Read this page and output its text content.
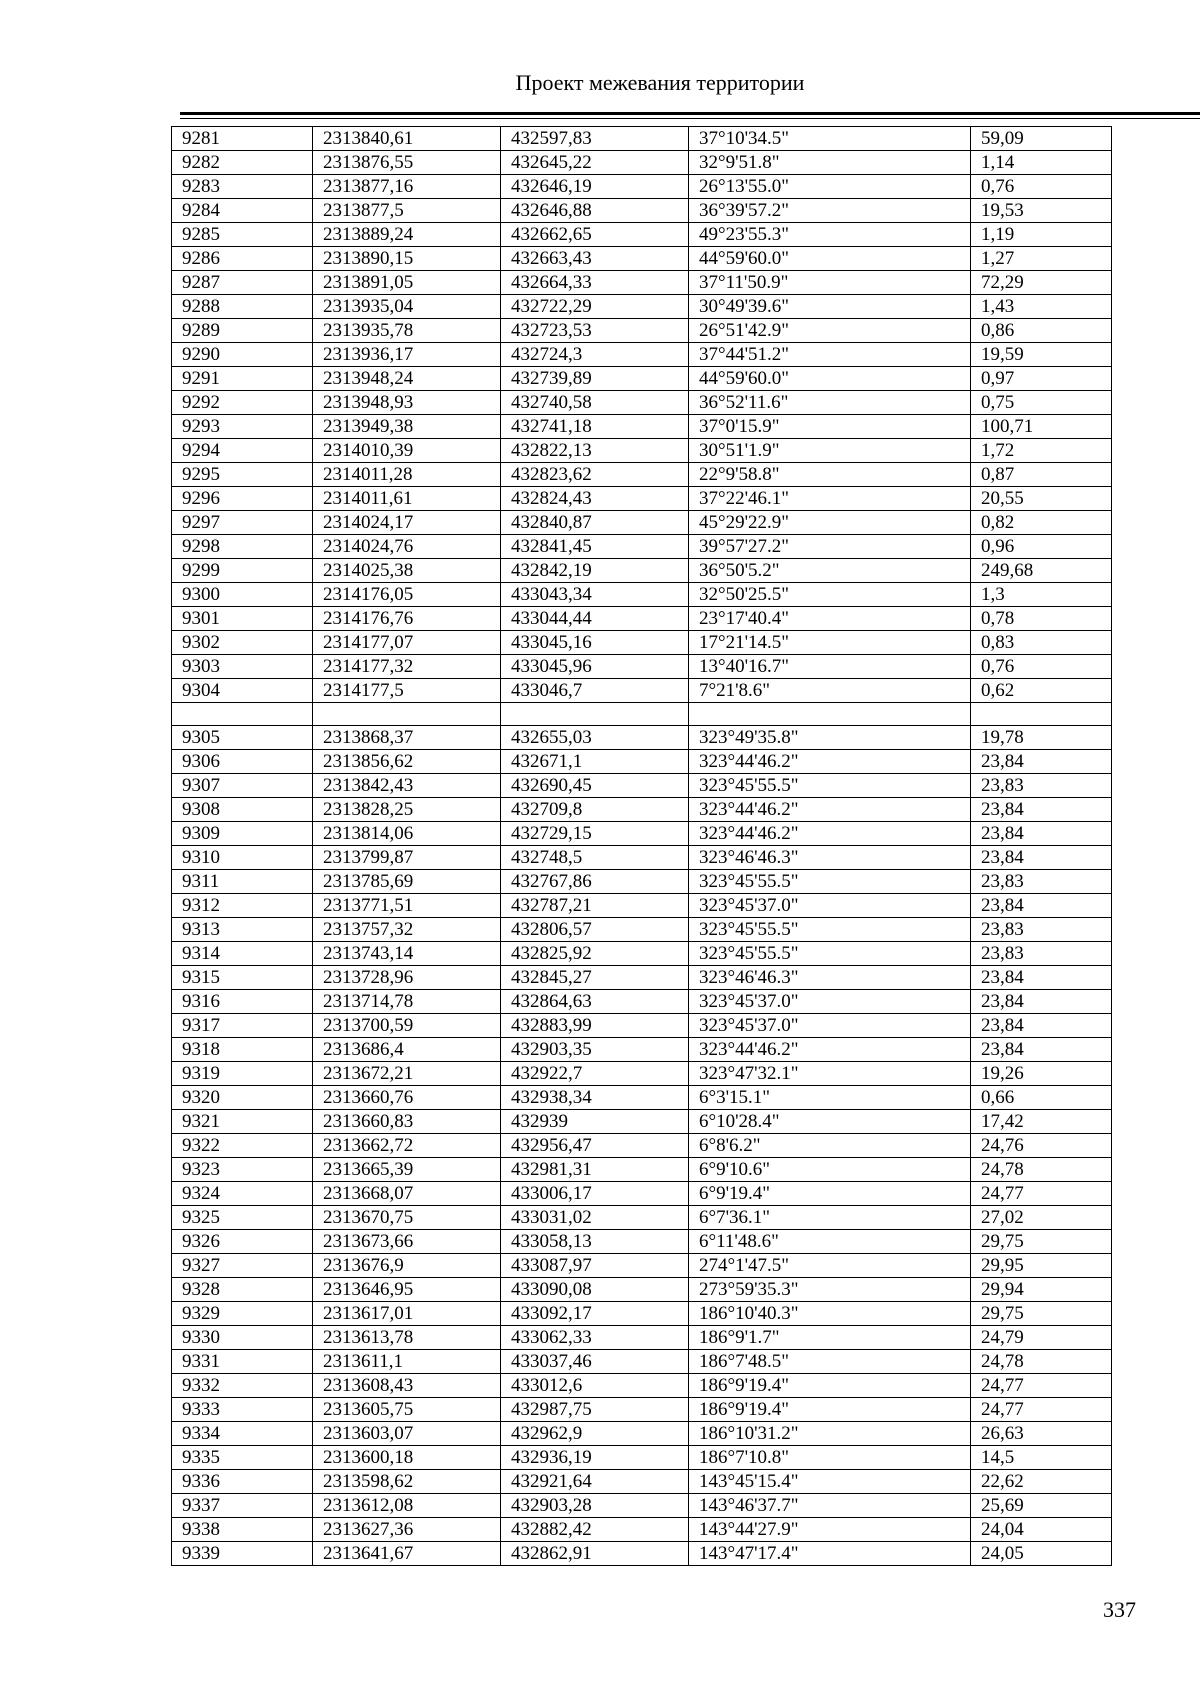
Проект межевания территории
9281	2313840,61	432597,83	37°10'34.5"	59,09
9282	2313876,55	432645,22	32°9'51.8"	1,14
9283	2313877,16	432646,19	26°13'55.0"	0,76
9284	2313877,5	432646,88	36°39'57.2"	19,53
9285	2313889,24	432662,65	49°23'55.3"	1,19
9286	2313890,15	432663,43	44°59'60.0"	1,27
9287	2313891,05	432664,33	37°11'50.9"	72,29
9288	2313935,04	432722,29	30°49'39.6"	1,43
9289	2313935,78	432723,53	26°51'42.9"	0,86
9290	2313936,17	432724,3	37°44'51.2"	19,59
9291	2313948,24	432739,89	44°59'60.0"	0,97
9292	2313948,93	432740,58	36°52'11.6"	0,75
9293	2313949,38	432741,18	37°0'15.9"	100,71
9294	2314010,39	432822,13	30°51'1.9"	1,72
9295	2314011,28	432823,62	22°9'58.8"	0,87
9296	2314011,61	432824,43	37°22'46.1"	20,55
9297	2314024,17	432840,87	45°29'22.9"	0,82
9298	2314024,76	432841,45	39°57'27.2"	0,96
9299	2314025,38	432842,19	36°50'5.2"	249,68
9300	2314176,05	433043,34	32°50'25.5"	1,3
9301	2314176,76	433044,44	23°17'40.4"	0,78
9302	2314177,07	433045,16	17°21'14.5"	0,83
9303	2314177,32	433045,96	13°40'16.7"	0,76
9304	2314177,5	433046,7	7°21'8.6"	0,62

9305	2313868,37	432655,03	323°49'35.8"	19,78
9306	2313856,62	432671,1	323°44'46.2"	23,84
9307	2313842,43	432690,45	323°45'55.5"	23,83
9308	2313828,25	432709,8	323°44'46.2"	23,84
9309	2313814,06	432729,15	323°44'46.2"	23,84
9310	2313799,87	432748,5	323°46'46.3"	23,84
9311	2313785,69	432767,86	323°45'55.5"	23,83
9312	2313771,51	432787,21	323°45'37.0"	23,84
9313	2313757,32	432806,57	323°45'55.5"	23,83
9314	2313743,14	432825,92	323°45'55.5"	23,83
9315	2313728,96	432845,27	323°46'46.3"	23,84
9316	2313714,78	432864,63	323°45'37.0"	23,84
9317	2313700,59	432883,99	323°45'37.0"	23,84
9318	2313686,4	432903,35	323°44'46.2"	23,84
9319	2313672,21	432922,7	323°47'32.1"	19,26
9320	2313660,76	432938,34	6°3'15.1"	0,66
9321	2313660,83	432939	6°10'28.4"	17,42
9322	2313662,72	432956,47	6°8'6.2"	24,76
9323	2313665,39	432981,31	6°9'10.6"	24,78
9324	2313668,07	433006,17	6°9'19.4"	24,77
9325	2313670,75	433031,02	6°7'36.1"	27,02
9326	2313673,66	433058,13	6°11'48.6"	29,75
9327	2313676,9	433087,97	274°1'47.5"	29,95
9328	2313646,95	433090,08	273°59'35.3"	29,94
9329	2313617,01	433092,17	186°10'40.3"	29,75
9330	2313613,78	433062,33	186°9'1.7"	24,79
9331	2313611,1	433037,46	186°7'48.5"	24,78
9332	2313608,43	433012,6	186°9'19.4"	24,77
9333	2313605,75	432987,75	186°9'19.4"	24,77
9334	2313603,07	432962,9	186°10'31.2"	26,63
9335	2313600,18	432936,19	186°7'10.8"	14,5
9336	2313598,62	432921,64	143°45'15.4"	22,62
9337	2313612,08	432903,28	143°46'37.7"	25,69
9338	2313627,36	432882,42	143°44'27.9"	24,04
9339	2313641,67	432862,91	143°47'17.4"	24,05
337
